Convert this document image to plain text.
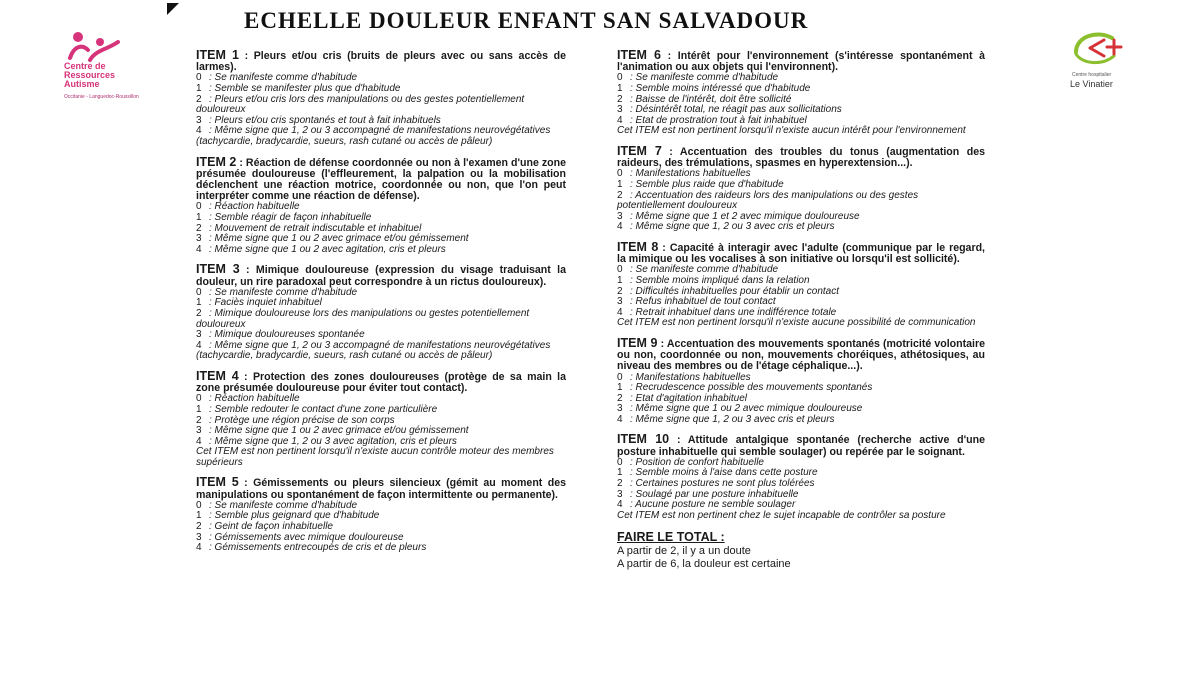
ECHELLE DOULEUR ENFANT SAN SALVADOUR
Centre de
Ressources
Autisme
Occitanie - Languedoc-Roussillon
Centre hospitalier
Le Vinatier

ITEM 1 : Pleurs et/ou cris (bruits de pleurs avec ou sans accès de larmes).

0 : Se manifeste comme d'habitude
1 : Semble se manifester plus que d'habitude
2 : Pleurs et/ou cris lors des manipulations ou des gestes potentiellement douloureux
3 : Pleurs et/ou cris spontanés et tout à fait inhabituels
4 : Même signe que 1, 2 ou 3 accompagné de manifestations neurovégétatives (tachycardie, bradycardie, sueurs, rash cutané ou accès de pâleur)

ITEM 2 : Réaction de défense coordonnée ou non à l'examen d'une zone présumée douloureuse (l'effleurement, la palpation ou la mobilisation déclenchent une réaction motrice, coordonnée ou non, que l'on peut interpréter comme une réaction de défense).

0 : Réaction habituelle
1 : Semble réagir de façon inhabituelle
2 : Mouvement de retrait indiscutable et inhabituel
3 : Même signe que 1 ou 2 avec grimace et/ou gémissement
4 : Même signe que 1 ou 2 avec agitation, cris et pleurs

ITEM 3 : Mimique douloureuse (expression du visage traduisant la douleur, un rire paradoxal peut correspondre à un rictus douloureux).

0 : Se manifeste comme d'habitude
1 : Faciès inquiet inhabituel
2 : Mimique douloureuse lors des manipulations ou gestes potentiellement douloureux
3 : Mimique douloureuses spontanée
4 : Même signe que 1, 2 ou 3 accompagné de manifestations neurovégétatives (tachycardie, bradycardie, sueurs, rash cutané ou accès de pâleur)

ITEM 4 : Protection des zones douloureuses (protège de sa main la zone présumée douloureuse pour éviter tout contact).

0 : Réaction habituelle
1 : Semble redouter le contact d'une zone particulière
2 : Protège une région précise de son corps
3 : Même signe que 1 ou 2 avec grimace et/ou gémissement
4 : Même signe que 1, 2 ou 3 avec agitation, cris et pleurs

Cet ITEM est non pertinent lorsqu'il n'existe aucun contrôle moteur des membres supérieurs

ITEM 5 : Gémissements ou pleurs silencieux (gémit au moment des manipulations ou spontanément de façon intermittente ou permanente).

0 : Se manifeste comme d'habitude
1 : Semble plus geignard que d'habitude
2 : Geint de façon inhabituelle
3 : Gémissements avec mimique douloureuse
4 : Gémissements entrecoupés de cris et de pleurs

ITEM 6 : Intérêt pour l'environnement (s'intéresse spontanément à l'animation ou aux objets qui l'environnent).

0 : Se manifeste comme d'habitude
1 : Semble moins intéressé que d'habitude
2 : Baisse de l'intérêt, doit être sollicité
3 : Désintérêt total, ne réagit pas aux sollicitations
4 : Etat de prostration tout à fait inhabituel

Cet ITEM est non pertinent lorsqu'il n'existe aucun intérêt pour l'environnement

ITEM 7 : Accentuation des troubles du tonus (augmentation des raideurs, des trémulations, spasmes en hyperextension...).

0 : Manifestations habituelles
1 : Semble plus raide que d'habitude
2 : Accentuation des raideurs lors des manipulations ou des gestes potentiellement douloureux
3 : Même signe que 1 et 2 avec mimique douloureuse
4 : Même signe que 1, 2 ou 3 avec cris et pleurs

ITEM 8 : Capacité à interagir avec l'adulte (communique par le regard, la mimique ou les vocalises à son initiative ou lorsqu'il est sollicité).

0 : Se manifeste comme d'habitude
1 : Semble moins impliqué dans la relation
2 : Difficultés inhabituelles pour établir un contact
3 : Refus inhabituel de tout contact
4 : Retrait inhabituel dans une indifférence totale

Cet ITEM est non pertinent lorsqu'il n'existe aucune possibilité de communication

ITEM 9 : Accentuation des mouvements spontanés (motricité volontaire ou non, coordonnée ou non, mouvements choréiques, athétosiques, au niveau des membres ou de l'étage céphalique...).

0 : Manifestations habituelles
1 : Recrudescence possible des mouvements spontanés
2 : Etat d'agitation inhabituel
3 : Même signe que 1 ou 2 avec mimique douloureuse
4 : Même signe que 1, 2 ou 3 avec cris et pleurs

ITEM 10 : Attitude antalgique spontanée (recherche active d'une posture inhabituelle qui semble soulager) ou repérée par le soignant.

0 : Position de confort habituelle
1 : Semble moins à l'aise dans cette posture
2 : Certaines postures ne sont plus tolérées
3 : Soulagé par une posture inhabituelle
4 : Aucune posture ne semble soulager

Cet ITEM est non pertinent chez le sujet incapable de contrôler sa posture

FAIRE LE TOTAL :

A partir de 2, il y a un doute

A partir de 6, la douleur est certaine
